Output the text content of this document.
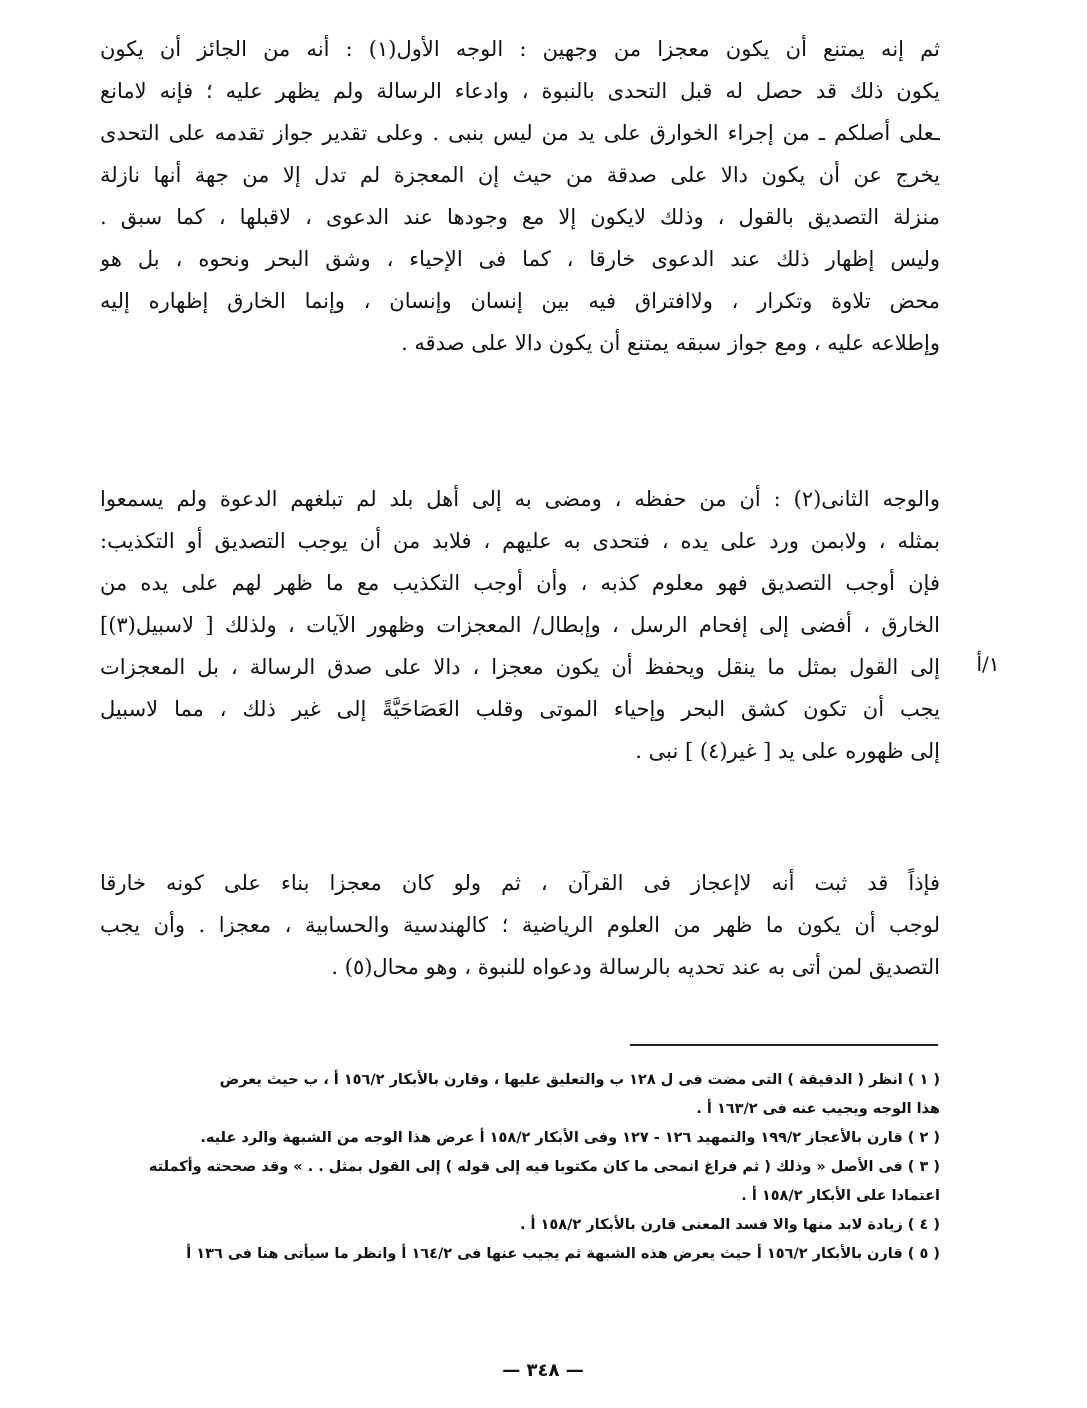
ثم إنه يمتنع أن يكون معجزا من وجهين : الوجه الأول(١) : أنه من الجائز أن يكون
يكون ذلك قد حصل له قبل التحدى بالنبوة ، وادعاء الرسالة ولم يظهر عليه ؛ فإنه لامانع
ـعلى أصلكم ـ من إجراء الخوارق على يد من ليس بنبى . وعلى تقدير جواز تقدمه على التحدى
يخرج عن أن يكون دالا على صدقة من حيث إن المعجزة لم تدل إلا من جهة أنها نازلة
منزلة التصديق بالقول ، وذلك لايكون إلا مع وجودها عند الدعوى ، لاقبلها ، كما سبق .
وليس إظهار ذلك عند الدعوى خارقا ، كما فى الإحياء ، وشق البحر ونحوه ، بل هو
محض تلاوة وتكرار ، ولاافتراق فيه بين إنسان وإنسان ، وإنما الخارق إظهاره إليه
وإطلاعه عليه ، ومع جواز سبقه يمتنع أن يكون دالا على صدقه .
والوجه الثانى(٢) : أن من حفظه ، ومضى به إلى أهل بلد لم تبلغهم الدعوة ولم يسمعوا
بمثله ، ولابمن ورد على يده ، فتحدى به عليهم ، فلابد من أن يوجب التصديق أو التكذيب:
فإن أوجب التصديق فهو معلوم كذبه ، وأن أوجب التكذيب مع ما ظهر لهم على يده من
الخارق ، أفضى إلى إفحام الرسل ، وإبطال/ المعجزات وظهور الآيات ، ولذلك [ لاسبيل(٣)]
إلى القول بمثل ما ينقل ويحفظ أن يكون معجزا ، دالا على صدق الرسالة ، بل المعجزات
يجب أن تكون كشق البحر وإحياء الموتى وقلب العَصَاحَيَّةً إلى غير ذلك ، مما لاسبيل
إلى ظهوره على يد [ غير(٤) ] نبى .
١/أ
فإذاً قد ثبت أنه لاإعجاز فى القرآن ، ثم ولو كان معجزا بناء على كونه خارقا
لوجب أن يكون ما ظهر من العلوم الرياضية ؛ كالهندسية والحسابية ، معجزا . وأن يجب
التصديق لمن أتى به عند تحديه بالرسالة ودعواه للنبوة ، وهو محال(٥) .
( ١ ) انظر ( الدقيقة ) التى مضت فى ل ١٢٨ ب والتعليق عليها ، وقارن بالأبكار ١٥٦/٢ أ ، ب حيث يعرض
هذا الوجه ويجيب عنه فى ١٦٣/٢ أ .
( ٢ ) قارن بالأعجاز ١٩٩/٢ والتمهيد ١٢٦ - ١٢٧ وفى الأبكار ١٥٨/٢ أ عرض هذا الوجه من الشبهة والرد عليه.
( ٣ ) فى الأصل « وذلك ( ثم فراغ انمحى ما كان مكتوبا فيه إلى قوله ) إلى القول بمثل . . » وقد صححته وأكملته
اعتمادا على الأبكار ١٥٨/٢ أ .
( ٤ ) زيادة لابد منها والا فسد المعنى قارن بالأبكار ١٥٨/٢ أ .
( ٥ ) قارن بالأبكار ١٥٦/٢ أ حيث يعرض هذه الشبهة ثم يجيب عنها فى ١٦٤/٢ أ وانظر ما سيأتى هنا فى ١٣٦ أ
— ٣٤٨ —
